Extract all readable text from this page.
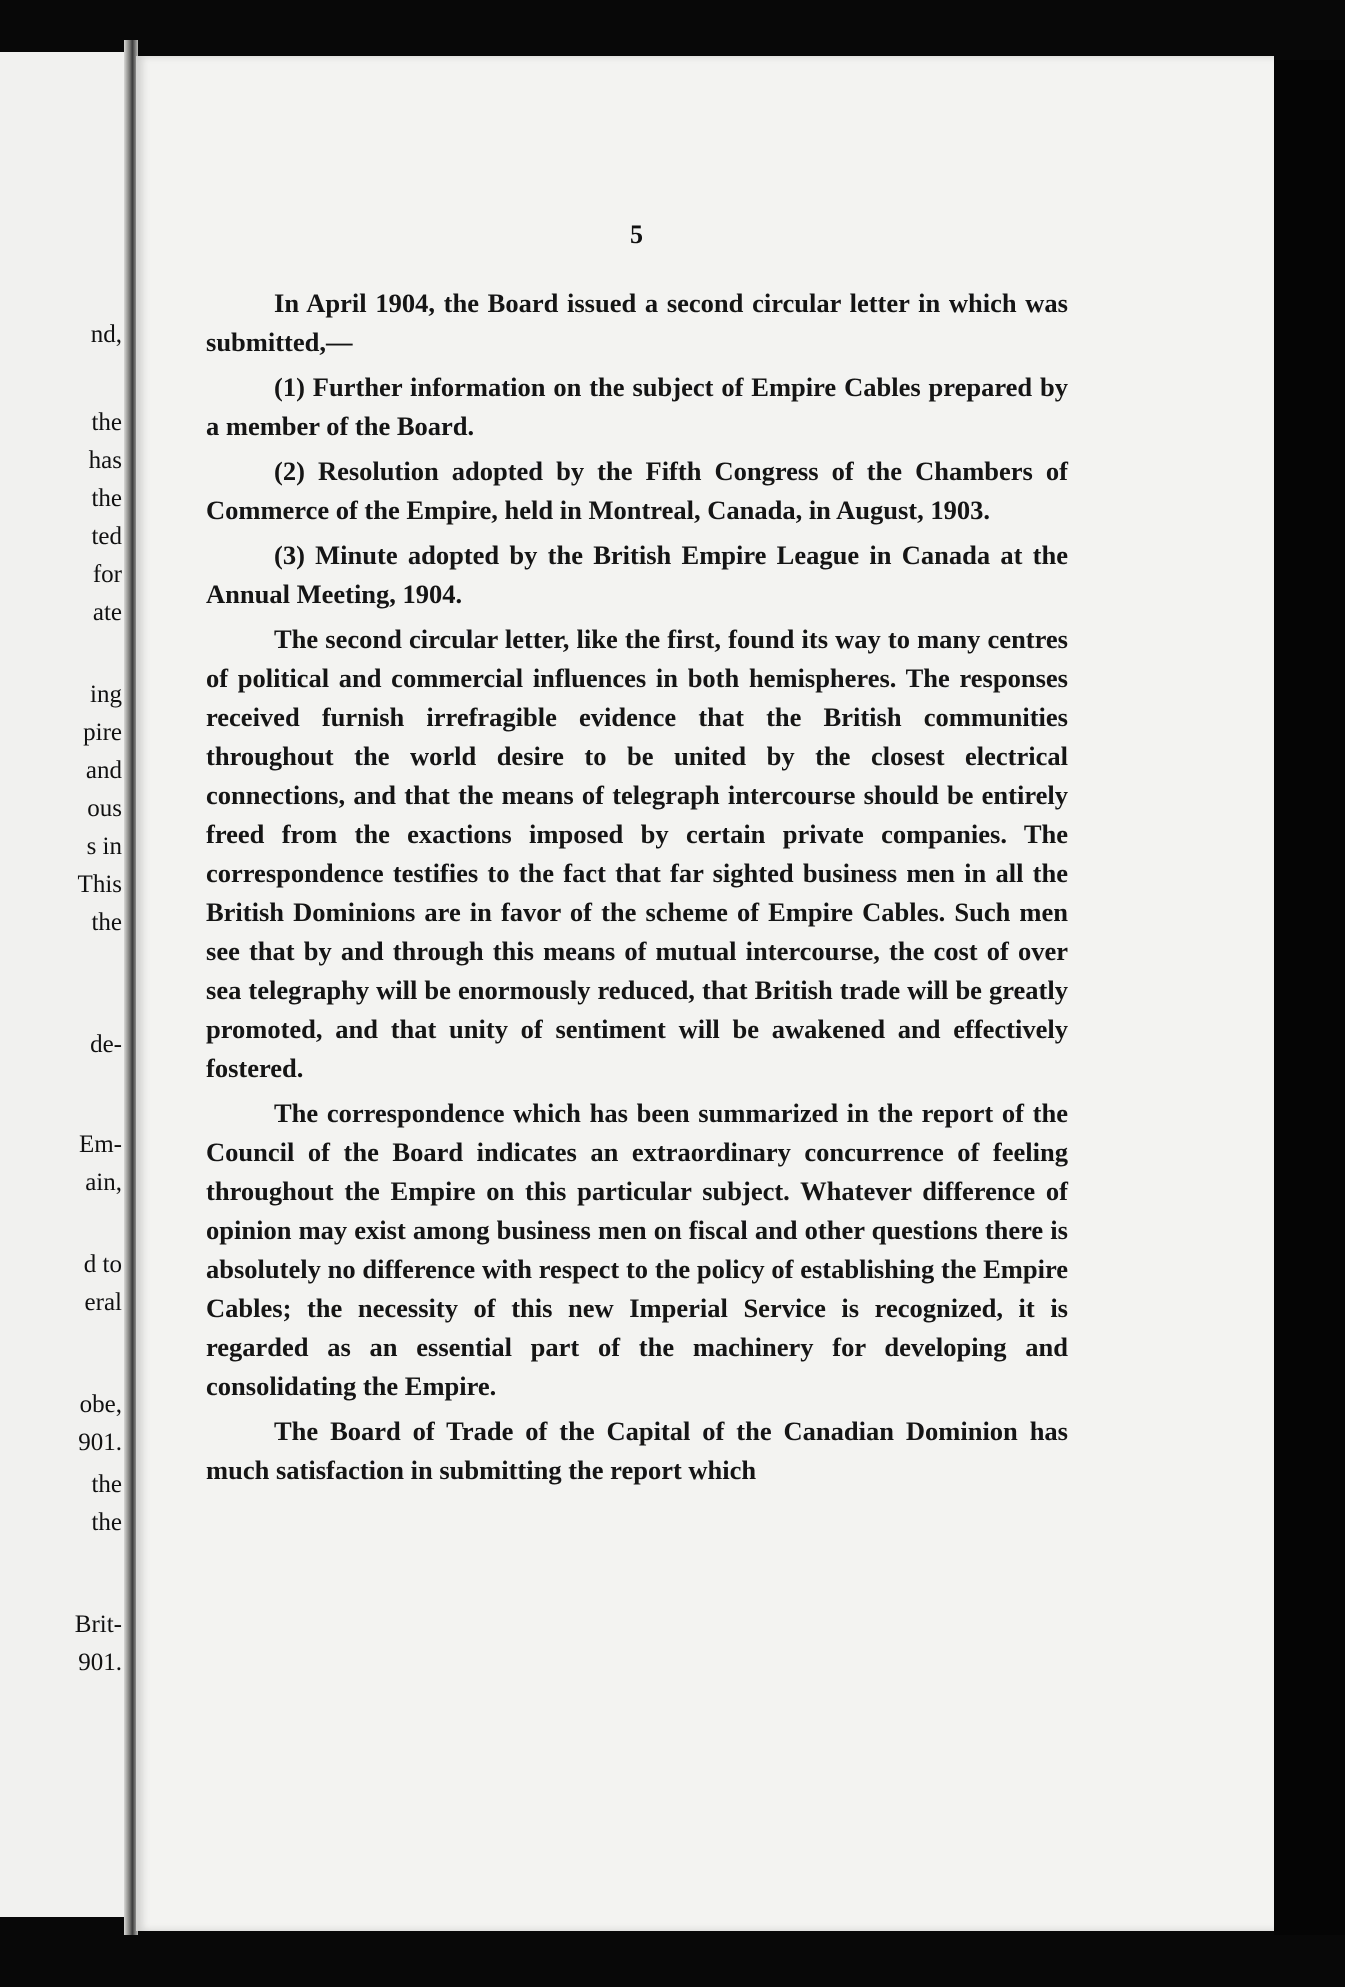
nd,
the
has
the
ted
for
ate
ing
pire
and
ous
s in
This
the
de-
Em-
ain,
d to
eral
obe,
901.
the
the
Brit-
901.
5

In April 1904, the Board issued a second circular letter in which was submitted,—

(1) Further information on the subject of Empire Cables prepared by a member of the Board.

(2) Resolution adopted by the Fifth Congress of the Chambers of Commerce of the Empire, held in Montreal, Canada, in August, 1903.

(3) Minute adopted by the British Empire League in Canada at the Annual Meeting, 1904.

The second circular letter, like the first, found its way to many centres of political and commercial influences in both hemispheres. The responses received furnish irrefragible evidence that the British communities throughout the world desire to be united by the closest electrical connections, and that the means of telegraph intercourse should be entirely freed from the exactions imposed by certain private companies. The correspondence testifies to the fact that far sighted business men in all the British Dominions are in favor of the scheme of Empire Cables. Such men see that by and through this means of mutual intercourse, the cost of over sea telegraphy will be enormously reduced, that British trade will be greatly promoted, and that unity of sentiment will be awakened and effectively fostered.

The correspondence which has been summarized in the report of the Council of the Board indicates an extraordinary concurrence of feeling throughout the Empire on this particular subject. Whatever difference of opinion may exist among business men on fiscal and other questions there is absolutely no difference with respect to the policy of establishing the Empire Cables; the necessity of this new Imperial Service is recognized, it is regarded as an essential part of the machinery for developing and consolidating the Empire.

The Board of Trade of the Capital of the Canadian Dominion has much satisfaction in submitting the report which
